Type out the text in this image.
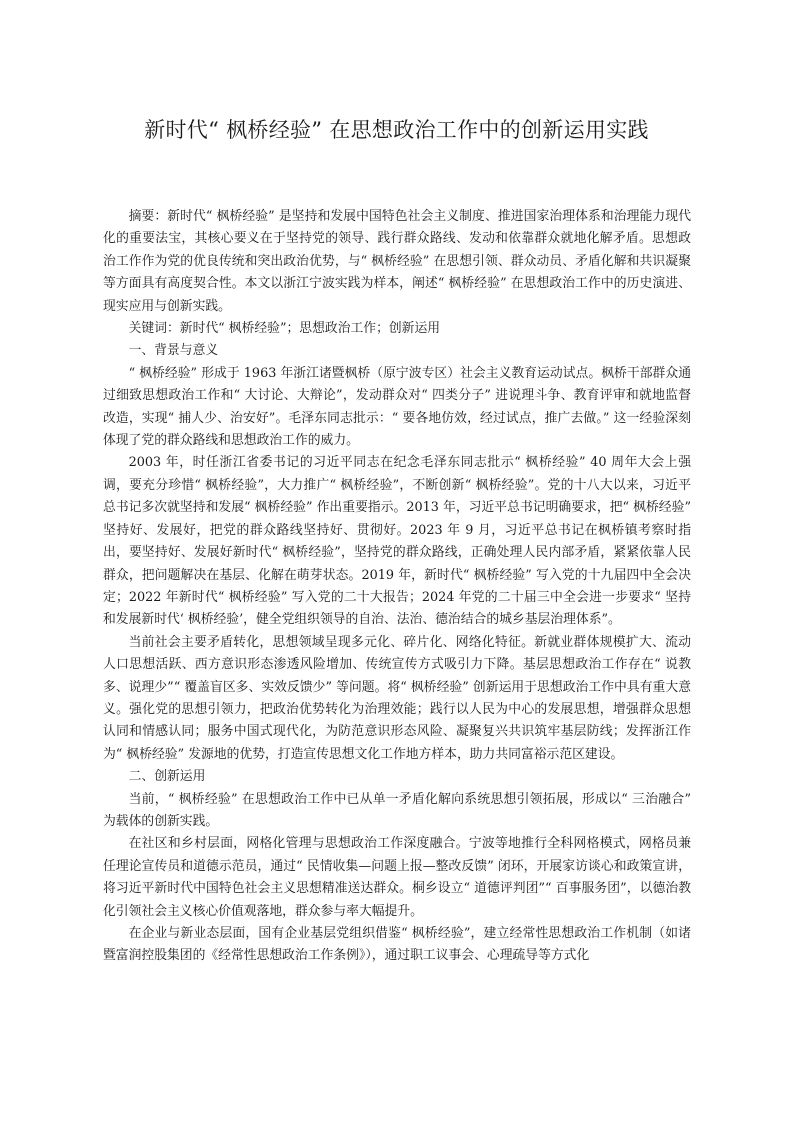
新时代“ 枫桥经验” 在思想政治工作中的创新运用实践

摘要：新时代“ 枫桥经验” 是坚持和发展中国特色社会主义制度、推进国家治理体系和治理能力现代化的重要法宝，其核心要义在于坚持党的领导、践行群众路线、发动和依靠群众就地化解矛盾。思想政治工作作为党的优良传统和突出政治优势，与“ 枫桥经验” 在思想引领、群众动员、矛盾化解和共识凝聚等方面具有高度契合性。本文以浙江宁波实践为样本，阐述“ 枫桥经验” 在思想政治工作中的历史演进、现实应用与创新实践。

关键词：新时代“ 枫桥经验”；思想政治工作；创新运用

一、背景与意义

“ 枫桥经验” 形成于 1963 年浙江诸暨枫桥（原宁波专区）社会主义教育运动试点。枫桥干部群众通过细致思想政治工作和“ 大讨论、大辩论”，发动群众对“ 四类分子” 进说理斗争、教育评审和就地监督改造，实现“ 捕人少、治安好”。毛泽东同志批示：“ 要各地仿效，经过试点，推广去做。” 这一经验深刻体现了党的群众路线和思想政治工作的威力。

2003 年，时任浙江省委书记的习近平同志在纪念毛泽东同志批示“ 枫桥经验” 40 周年大会上强调，要充分珍惜“ 枫桥经验”，大力推广“ 枫桥经验”，不断创新“ 枫桥经验”。党的十八大以来，习近平总书记多次就坚持和发展“ 枫桥经验” 作出重要指示。2013 年，习近平总书记明确要求，把“ 枫桥经验” 坚持好、发展好，把党的群众路线坚持好、贯彻好。2023 年 9 月，习近平总书记在枫桥镇考察时指出，要坚持好、发展好新时代“ 枫桥经验”，坚持党的群众路线，正确处理人民内部矛盾，紧紧依靠人民群众，把问题解决在基层、化解在萌芽状态。2019 年，新时代“ 枫桥经验” 写入党的十九届四中全会决定；2022 年新时代“ 枫桥经验” 写入党的二十大报告；2024 年党的二十届三中全会进一步要求“ 坚持和发展新时代‘ 枫桥经验’，健全党组织领导的自治、法治、德治结合的城乡基层治理体系”。

当前社会主要矛盾转化，思想领域呈现多元化、碎片化、网络化特征。新就业群体规模扩大、流动人口思想活跃、西方意识形态渗透风险增加、传统宣传方式吸引力下降。基层思想政治工作存在“ 说教多、说理少”“ 覆盖盲区多、实效反馈少” 等问题。将“ 枫桥经验” 创新运用于思想政治工作中具有重大意义。强化党的思想引领力，把政治优势转化为治理效能；践行以人民为中心的发展思想，增强群众思想认同和情感认同；服务中国式现代化，为防范意识形态风险、凝聚复兴共识筑牢基层防线；发挥浙江作为“ 枫桥经验” 发源地的优势，打造宣传思想文化工作地方样本，助力共同富裕示范区建设。

二、创新运用

当前，“ 枫桥经验” 在思想政治工作中已从单一矛盾化解向系统思想引领拓展，形成以“ 三治融合” 为载体的创新实践。

在社区和乡村层面，网格化管理与思想政治工作深度融合。宁波等地推行全科网格模式，网格员兼任理论宣传员和道德示范员，通过“ 民情收集—问题上报—整改反馈” 闭环，开展家访谈心和政策宣讲，将习近平新时代中国特色社会主义思想精准送达群众。桐乡设立“ 道德评判团”“ 百事服务团”，以德治教化引领社会主义核心价值观落地，群众参与率大幅提升。

在企业与新业态层面，国有企业基层党组织借鉴“ 枫桥经验”，建立经常性思想政治工作机制（如诸暨富润控股集团的《经常性思想政治工作条例》），通过职工议事会、心理疏导等方式化
